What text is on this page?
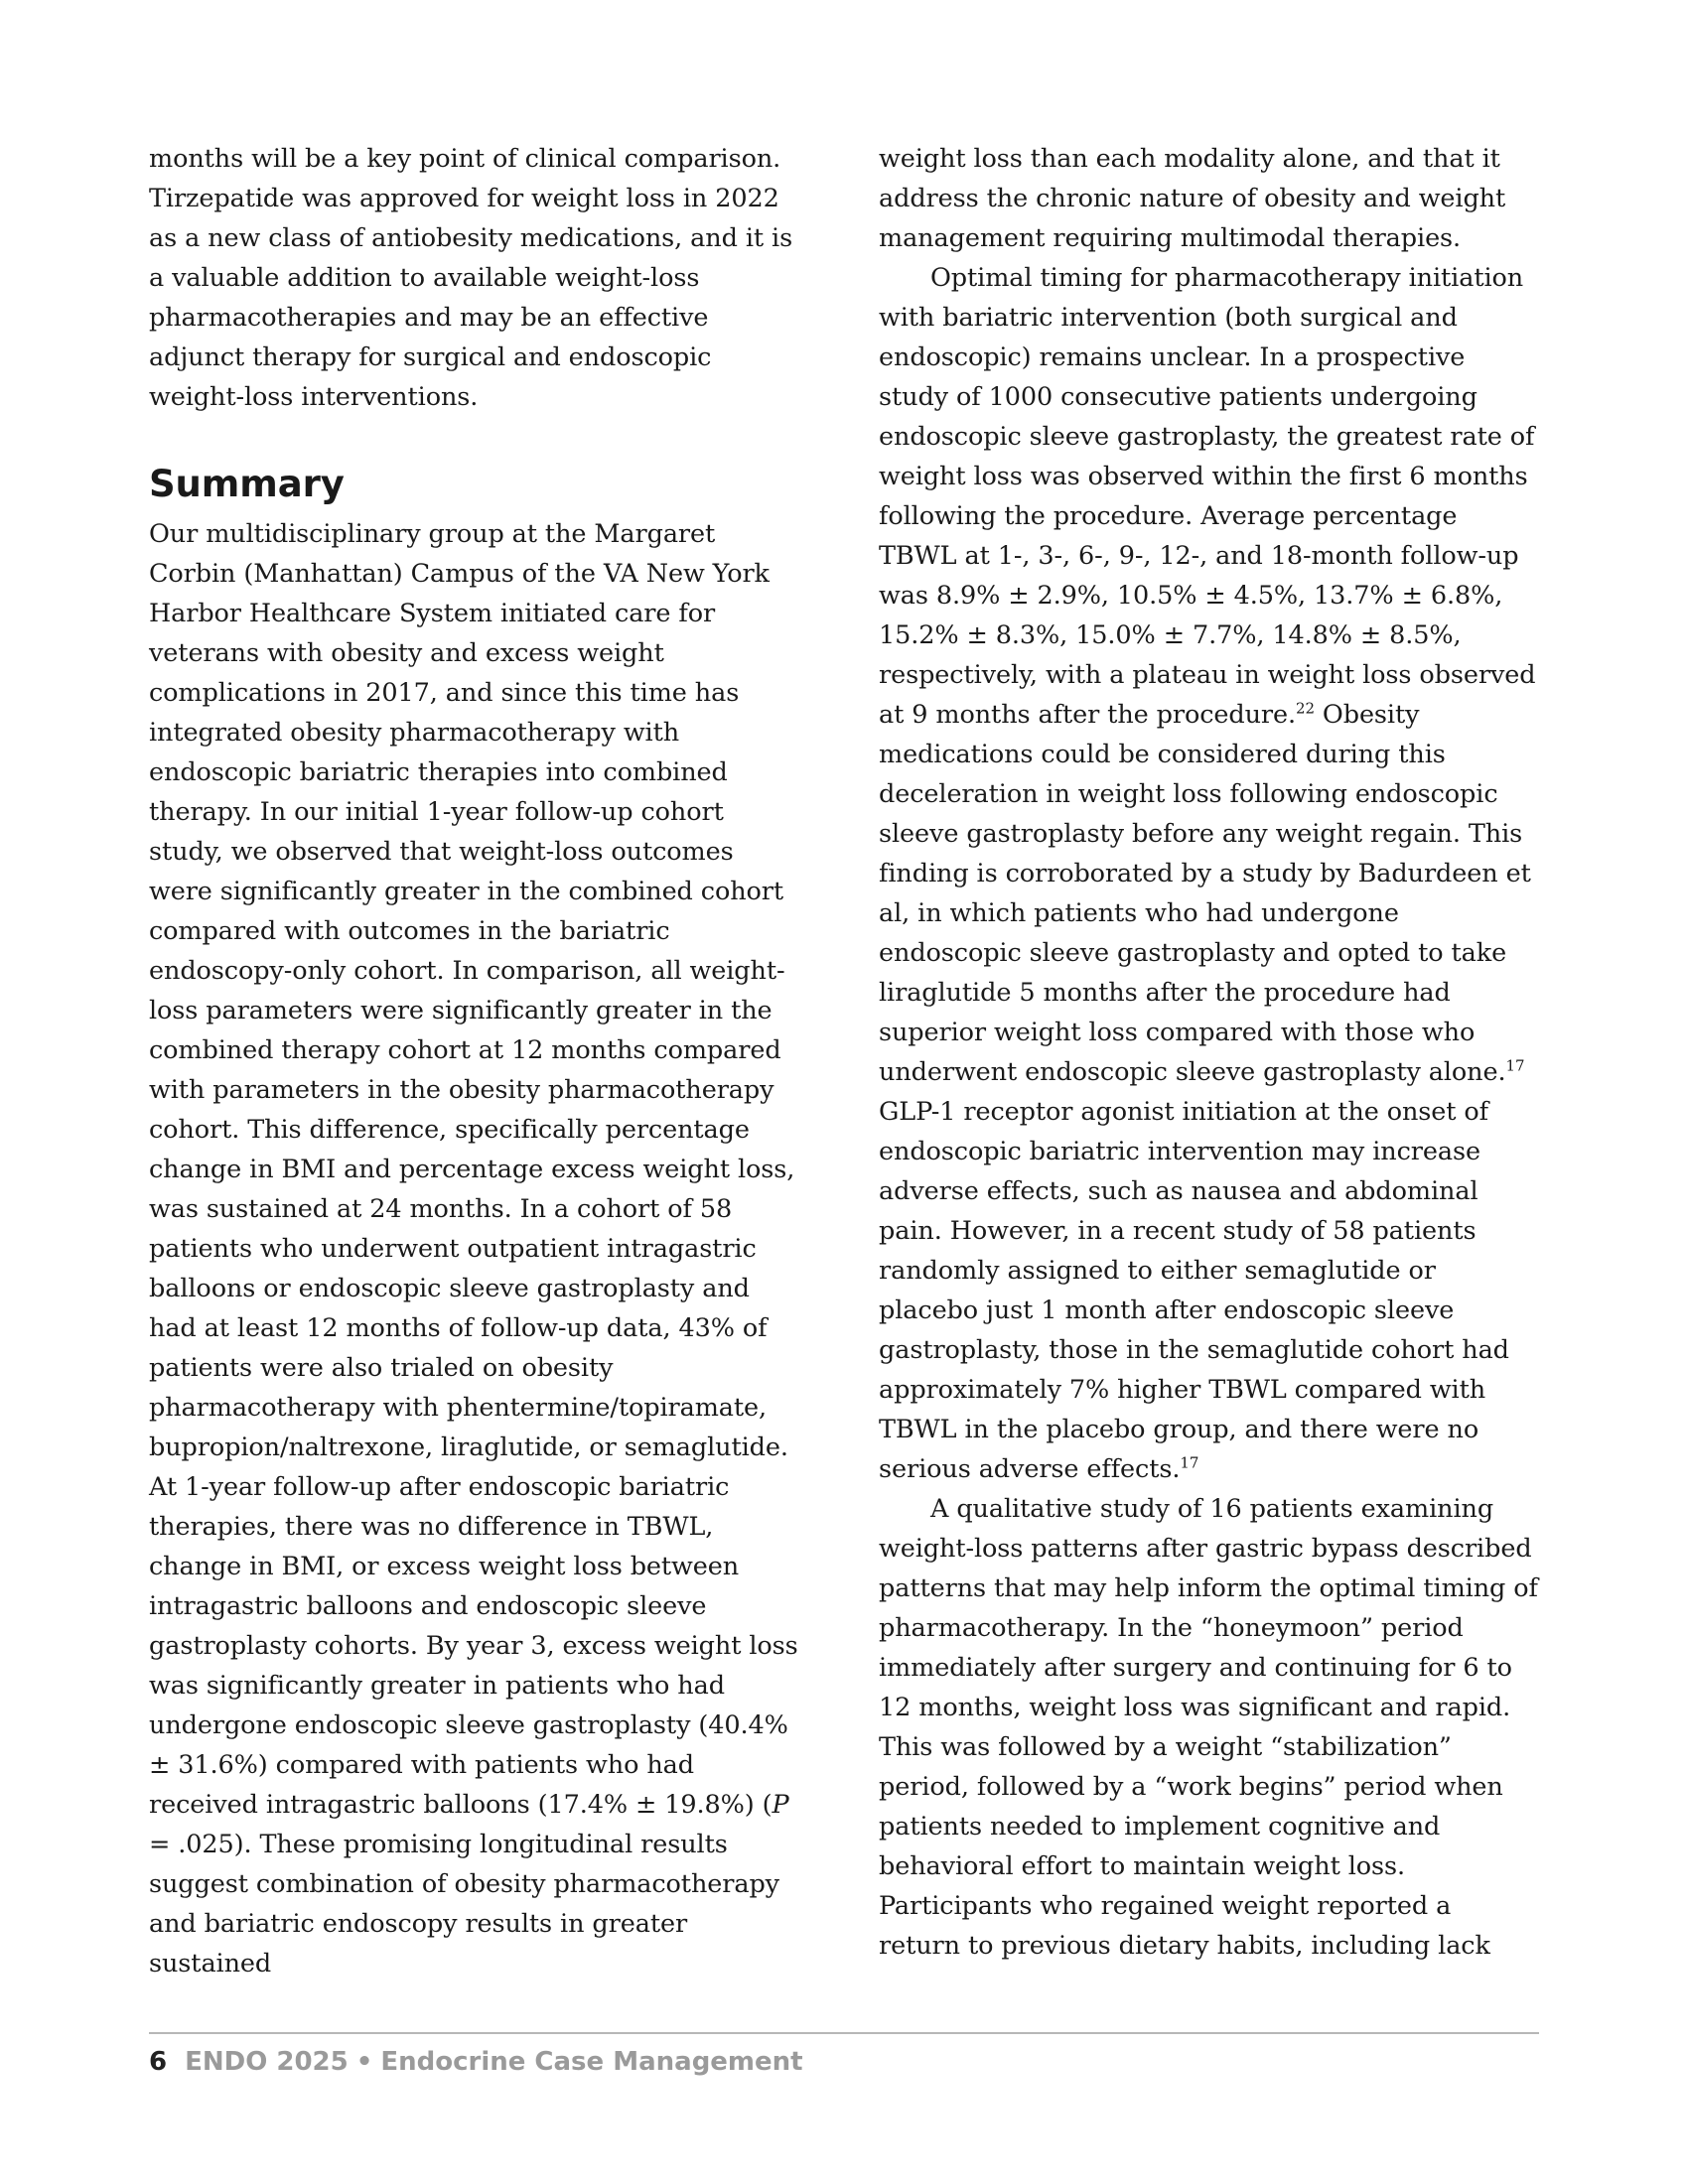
months will be a key point of clinical comparison. Tirzepatide was approved for weight loss in 2022 as a new class of antiobesity medications, and it is a valuable addition to available weight-loss pharmacotherapies and may be an effective adjunct therapy for surgical and endoscopic weight-loss interventions.

Summary

Our multidisciplinary group at the Margaret Corbin (Manhattan) Campus of the VA New York Harbor Healthcare System initiated care for veterans with obesity and excess weight complications in 2017, and since this time has integrated obesity pharmacotherapy with endoscopic bariatric therapies into combined therapy. In our initial 1-year follow-up cohort study, we observed that weight-loss outcomes were significantly greater in the combined cohort compared with outcomes in the bariatric endoscopy-only cohort. In comparison, all weight-loss parameters were significantly greater in the combined therapy cohort at 12 months compared with parameters in the obesity pharmacotherapy cohort. This difference, specifically percentage change in BMI and percentage excess weight loss, was sustained at 24 months. In a cohort of 58 patients who underwent outpatient intragastric balloons or endoscopic sleeve gastroplasty and had at least 12 months of follow-up data, 43% of patients were also trialed on obesity pharmacotherapy with phentermine/topiramate, bupropion/naltrexone, liraglutide, or semaglutide. At 1-year follow-up after endoscopic bariatric therapies, there was no difference in TBWL, change in BMI, or excess weight loss between intragastric balloons and endoscopic sleeve gastroplasty cohorts. By year 3, excess weight loss was significantly greater in patients who had undergone endoscopic sleeve gastroplasty (40.4% ± 31.6%) compared with patients who had received intragastric balloons (17.4% ± 19.8%) (P = .025). These promising longitudinal results suggest combination of obesity pharmacotherapy and bariatric endoscopy results in greater sustained

weight loss than each modality alone, and that it address the chronic nature of obesity and weight management requiring multimodal therapies.

Optimal timing for pharmacotherapy initiation with bariatric intervention (both surgical and endoscopic) remains unclear. In a prospective study of 1000 consecutive patients undergoing endoscopic sleeve gastroplasty, the greatest rate of weight loss was observed within the first 6 months following the procedure. Average percentage TBWL at 1-, 3-, 6-, 9-, 12-, and 18-month follow-up was 8.9% ± 2.9%, 10.5% ± 4.5%, 13.7% ± 6.8%, 15.2% ± 8.3%, 15.0% ± 7.7%, 14.8% ± 8.5%, respectively, with a plateau in weight loss observed at 9 months after the procedure.$^{22}$ Obesity medications could be considered during this deceleration in weight loss following endoscopic sleeve gastroplasty before any weight regain. This finding is corroborated by a study by Badurdeen et al, in which patients who had undergone endoscopic sleeve gastroplasty and opted to take liraglutide 5 months after the procedure had superior weight loss compared with those who underwent endoscopic sleeve gastroplasty alone.$^{17}$ GLP-1 receptor agonist initiation at the onset of endoscopic bariatric intervention may increase adverse effects, such as nausea and abdominal pain. However, in a recent study of 58 patients randomly assigned to either semaglutide or placebo just 1 month after endoscopic sleeve gastroplasty, those in the semaglutide cohort had approximately 7% higher TBWL compared with TBWL in the placebo group, and there were no serious adverse effects.$^{17}$

A qualitative study of 16 patients examining weight-loss patterns after gastric bypass described patterns that may help inform the optimal timing of pharmacotherapy. In the “honeymoon” period immediately after surgery and continuing for 6 to 12 months, weight loss was significant and rapid. This was followed by a weight “stabilization” period, followed by a “work begins” period when patients needed to implement cognitive and behavioral effort to maintain weight loss. Participants who regained weight reported a return to previous dietary habits, including lack

6 ENDO 2025 • Endocrine Case Management
